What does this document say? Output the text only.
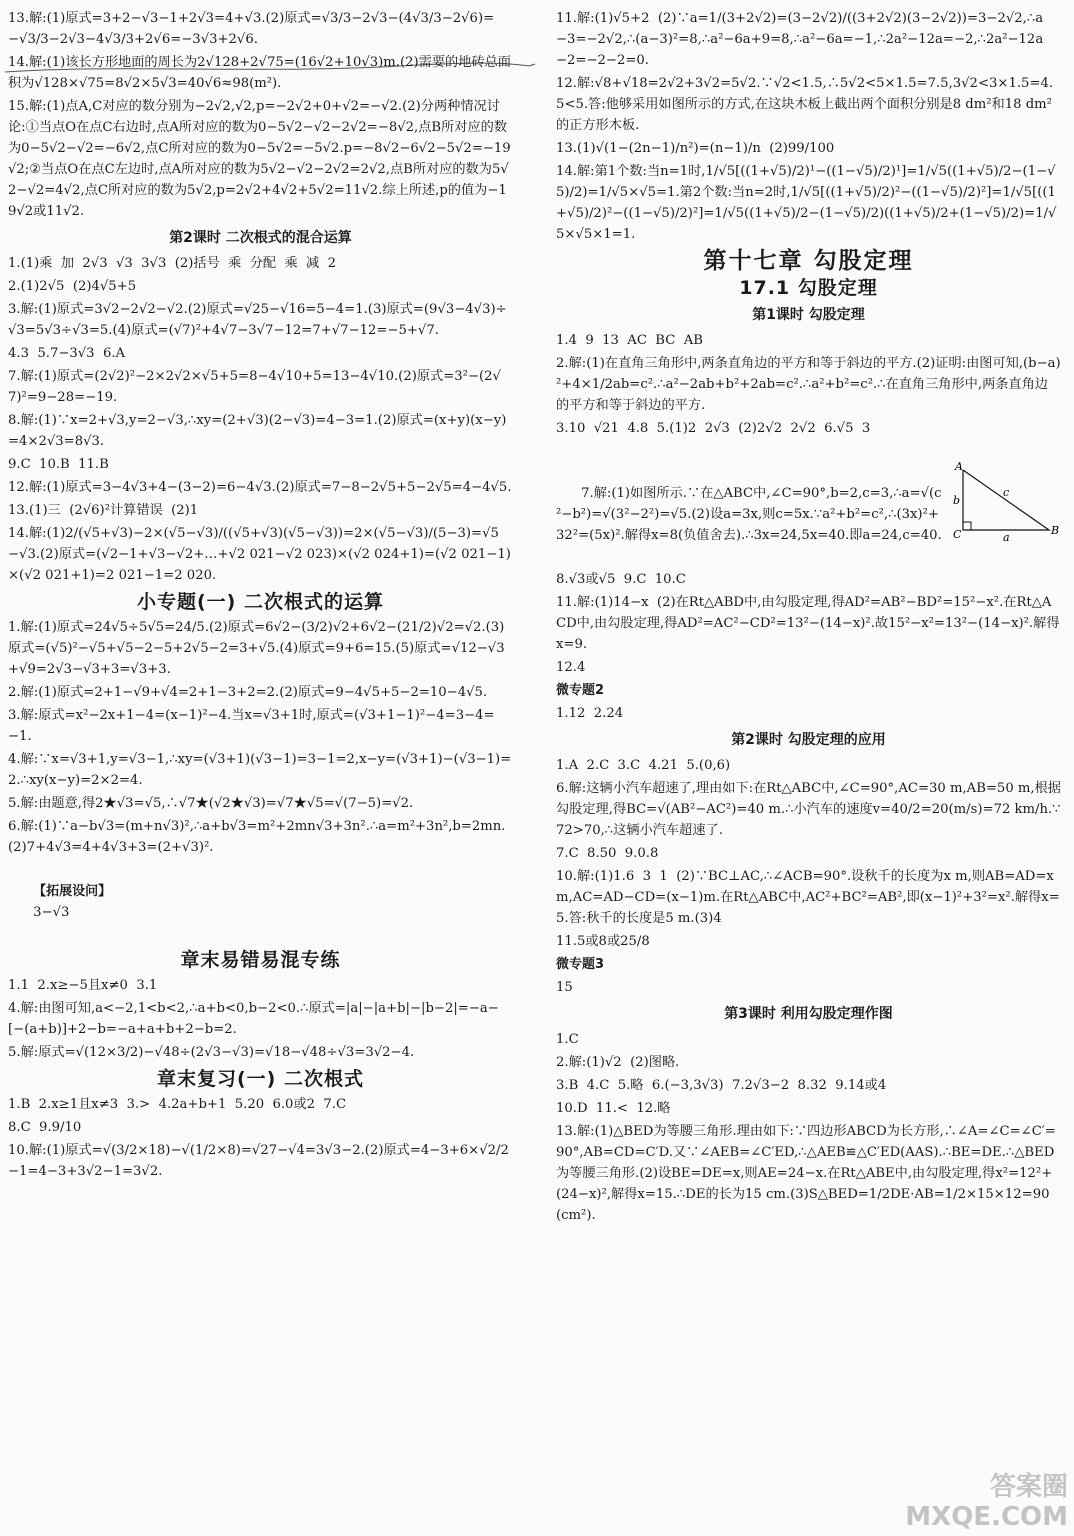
13.解:(1)原式=3+2−√3−1+2√3=4+√3.(2)原式=√3/3−2√3−(4√3/3−2√6)=−√3/3−2√3−4√3/3+2√6=−3√3+2√6.
14.解:(1)该长方形地面的周长为2√128+2√75=(16√2+10√3)m.(2)需要的地砖总面积为√128×√75=8√2×5√3=40√6≈98(m²).
15.解:(1)点A,C对应的数分别为−2√2,√2,p=−2√2+0+√2=−√2.(2)分两种情况讨论:①当点O在点C右边时,点A所对应的数为0−5√2−√2−2√2=−8√2,点B所对应的数为0−5√2−√2=−6√2,点C所对应的数为0−5√2=−5√2.p=−8√2−6√2−5√2=−19√2;②当点O在点C左边时,点A所对应的数为5√2−√2−2√2=2√2,点B所对应的数为5√2−√2=4√2,点C所对应的数为5√2,p=2√2+4√2+5√2=11√2.综上所述,p的值为−19√2或11√2.
第2课时 二次根式的混合运算
1.(1)乘  加  2√3  √3  3√3  (2)括号  乘  分配  乘  减  2
2.(1)2√5  (2)4√5+5
3.解:(1)原式=3√2−2√2−√2.(2)原式=√25−√16=5−4=1.(3)原式=(9√3−4√3)÷√3=5√3÷√3=5.(4)原式=(√7)²+4√7−3√7−12=7+√7−12=−5+√7.
4.3  5.7−3√3  6.A
7.解:(1)原式=(2√2)²−2×2√2×√5+5=8−4√10+5=13−4√10.(2)原式=3²−(2√7)²=9−28=−19.
8.解:(1)∵x=2+√3,y=2−√3,∴xy=(2+√3)(2−√3)=4−3=1.(2)原式=(x+y)(x−y)=4×2√3=8√3.
9.C  10.B  11.B
12.解:(1)原式=3−4√3+4−(3−2)=6−4√3.(2)原式=7−8−2√5+5−2√5=4−4√5.
13.(1)三  (2√6)²计算错误  (2)1
14.解:(1)2/(√5+√3)−2×(√5−√3)/((√5+√3)(√5−√3))=2×(√5−√3)/(5−3)=√5−√3.(2)原式=(√2−1+√3−√2+…+√2 021−√2 023)×(√2 024+1)=(√2 021−1)×(√2 021+1)=2 021−1=2 020.
小专题(一) 二次根式的运算
1.解:(1)原式=24√5÷5√5=24/5.(2)原式=6√2−(3/2)√2+6√2−(21/2)√2=√2.(3)原式=(√5)²−√5+√5−2−5+2√5−2=3+√5.(4)原式=9+6=15.(5)原式=√12−√3+√9=2√3−√3+3=√3+3.
2.解:(1)原式=2+1−√9+√4=2+1−3+2=2.(2)原式=9−4√5+5−2=10−4√5.
3.解:原式=x²−2x+1−4=(x−1)²−4.当x=√3+1时,原式=(√3+1−1)²−4=3−4=−1.
4.解:∵x=√3+1,y=√3−1,∴xy=(√3+1)(√3−1)=3−1=2,x−y=(√3+1)−(√3−1)=2.∴xy(x−y)=2×2=4.
5.解:由题意,得2★√3=√5,∴√7★(√2★√3)=√7★√5=√(7−5)=√2.
6.解:(1)∵a−b√3=(m+n√3)²,∴a+b√3=m²+2mn√3+3n².∴a=m²+3n²,b=2mn.(2)7+4√3=4+4√3+3=(2+√3)².

【拓展设问】
3−√3

章末易错易混专练
1.1  2.x≥−5且x≠0  3.1
4.解:由图可知,a<−2,1<b<2,∴a+b<0,b−2<0.∴原式=|a|−|a+b|−|b−2|=−a−[−(a+b)]+2−b=−a+a+b+2−b=2.
5.解:原式=√(12×3/2)−√48÷(2√3−√3)=√18−√48÷√3=3√2−4.
章末复习(一) 二次根式
1.B  2.x≥1且x≠3  3.>  4.2a+b+1  5.20  6.0或2  7.C
8.C  9.9/10
10.解:(1)原式=√(3/2×18)−√(1/2×8)=√27−√4=3√3−2.(2)原式=4−3+6×√2/2−1=4−3+3√2−1=3√2.
11.解:(1)√5+2  (2)∵a=1/(3+2√2)=(3−2√2)/((3+2√2)(3−2√2))=3−2√2,∴a−3=−2√2,∴(a−3)²=8,∴a²−6a+9=8,∴a²−6a=−1,∴2a²−12a=−2,∴2a²−12a−2=−2−2=0.
12.解:√8+√18=2√2+3√2=5√2.∵√2<1.5,∴5√2<5×1.5=7.5,3√2<3×1.5=4.5<5.答:他够采用如图所示的方式,在这块木板上截出两个面积分别是8 dm²和18 dm²的正方形木板.
13.(1)√(1−(2n−1)/n²)=(n−1)/n  (2)99/100
14.解:第1个数:当n=1时,1/√5[((1+√5)/2)¹−((1−√5)/2)¹]=1/√5((1+√5)/2−(1−√5)/2)=1/√5×√5=1.第2个数:当n=2时,1/√5[((1+√5)/2)²−((1−√5)/2)²]=1/√5[((1+√5)/2)²−((1−√5)/2)²]=1/√5((1+√5)/2−(1−√5)/2)((1+√5)/2+(1−√5)/2)=1/√5×√5×1=1.
第十七章 勾股定理
17.1 勾股定理
第1课时 勾股定理
1.4  9  13  AC  BC  AB
2.解:(1)在直角三角形中,两条直角边的平方和等于斜边的平方.(2)证明:由图可知,(b−a)²+4×1/2ab=c².∴a²−2ab+b²+2ab=c².∴a²+b²=c².∴在直角三角形中,两条直角边的平方和等于斜边的平方.
3.10  √21  4.8  5.(1)2  2√3  (2)2√2  2√2  6.√5  3

A
B
C
b
c
a

7.解:(1)如图所示.∵在△ABC中,∠C=90°,b=2,c=3,∴a=√(c²−b²)=√(3²−2²)=√5.(2)设a=3x,则c=5x.∵a²+b²=c²,∴(3x)²+32²=(5x)².解得x=8(负值舍去).∴3x=24,5x=40.即a=24,c=40.

8.√3或√5  9.C  10.C
11.解:(1)14−x  (2)在Rt△ABD中,由勾股定理,得AD²=AB²−BD²=15²−x².在Rt△ACD中,由勾股定理,得AD²=AC²−CD²=13²−(14−x)².故15²−x²=13²−(14−x)².解得x=9.
12.4
微专题2
1.12  2.24
第2课时 勾股定理的应用
1.A  2.C  3.C  4.21  5.(0,6)
6.解:这辆小汽车超速了,理由如下:在Rt△ABC中,∠C=90°,AC=30 m,AB=50 m,根据勾股定理,得BC=√(AB²−AC²)=40 m.∴小汽车的速度v=40/2=20(m/s)=72 km/h.∵72>70,∴这辆小汽车超速了.
7.C  8.50  9.0.8
10.解:(1)1.6  3  1  (2)∵BC⊥AC,∴∠ACB=90°.设秋千的长度为x m,则AB=AD=x m,AC=AD−CD=(x−1)m.在Rt△ABC中,AC²+BC²=AB²,即(x−1)²+3²=x².解得x=5.答:秋千的长度是5 m.(3)4
11.5或8或25/8
微专题3
15
第3课时 利用勾股定理作图
1.C
2.解:(1)√2  (2)图略.
3.B  4.C  5.略  6.(−3,3√3)  7.2√3−2  8.32  9.14或4
10.D  11.<  12.略
13.解:(1)△BED为等腰三角形.理由如下:∵四边形ABCD为长方形,∴∠A=∠C=∠C′=90°,AB=CD=C′D.又∵∠AEB=∠C′ED,∴△AEB≌△C′ED(AAS).∴BE=DE.∴△BED为等腰三角形.(2)设BE=DE=x,则AE=24−x.在Rt△ABE中,由勾股定理,得x²=12²+(24−x)²,解得x=15.∴DE的长为15 cm.(3)S△BED=1/2DE·AB=1/2×15×12=90(cm²).
答案圈
MXQE.COM
